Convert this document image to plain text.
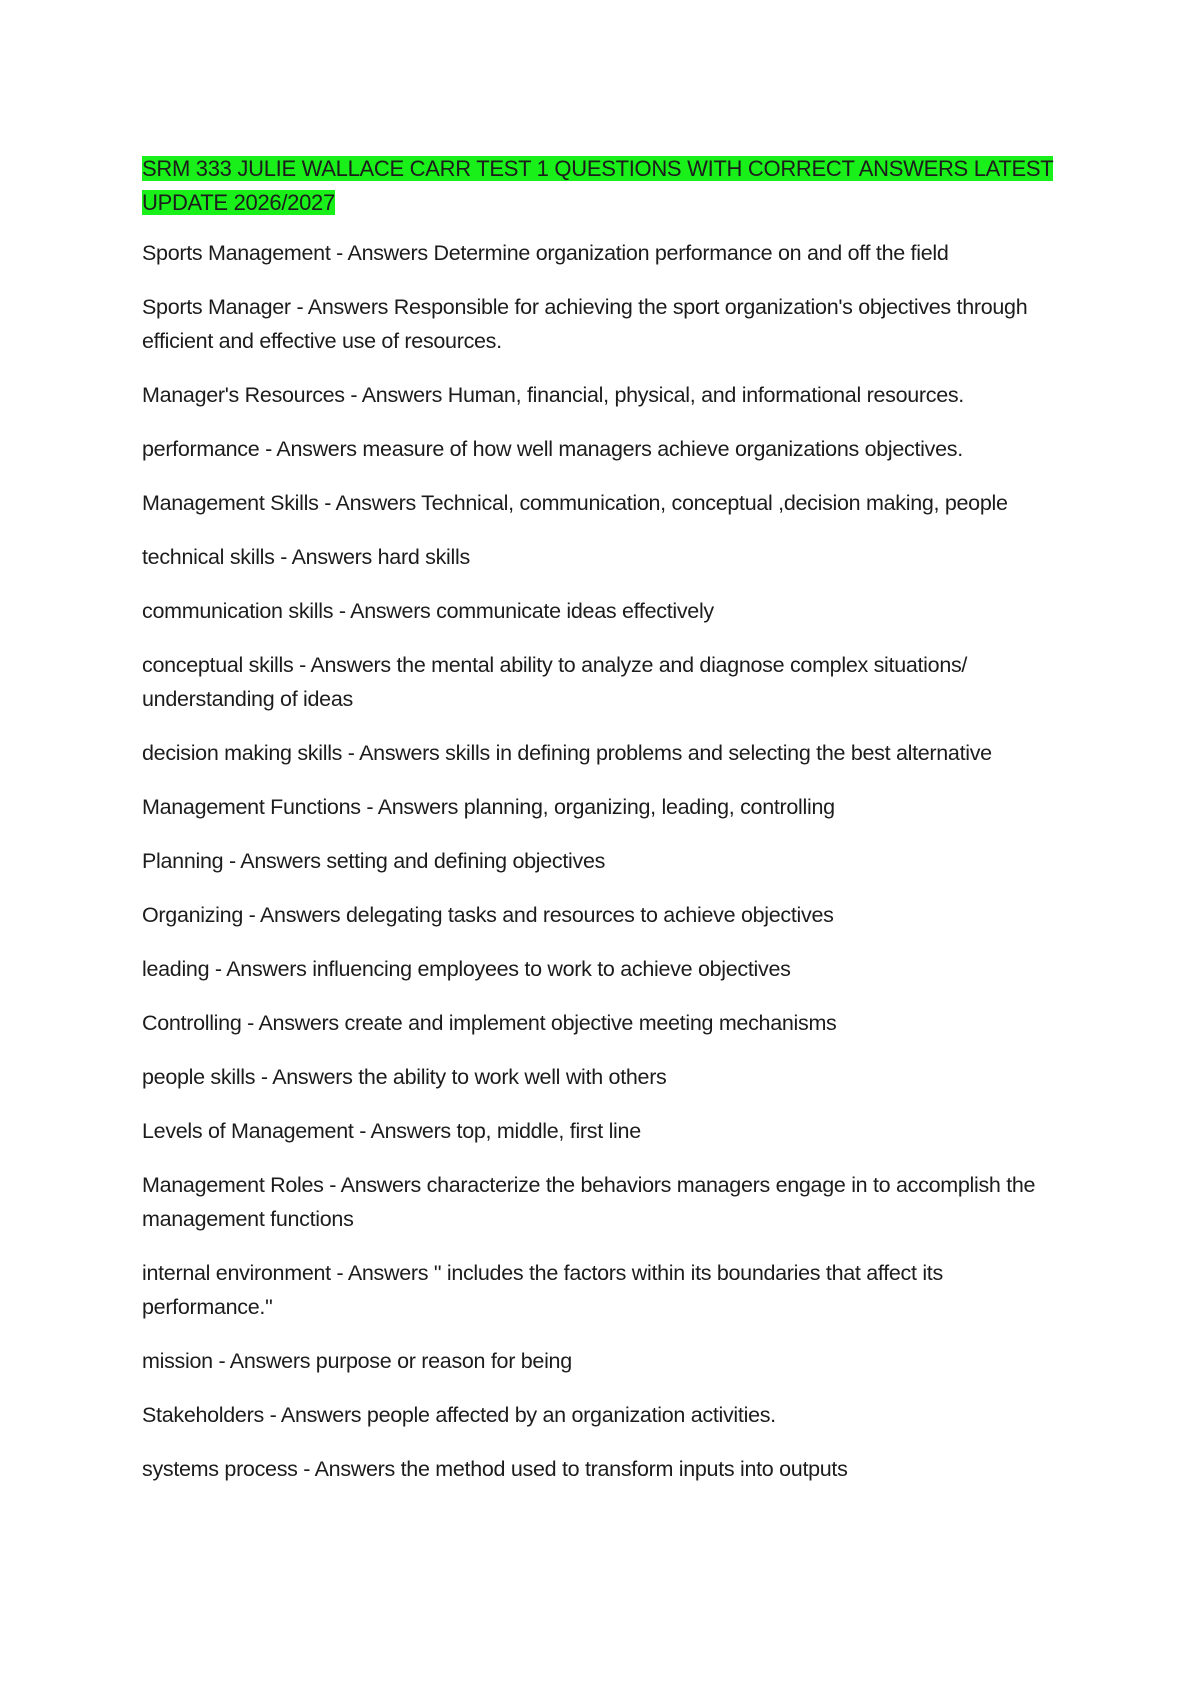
SRM 333 JULIE WALLACE CARR TEST 1 QUESTIONS WITH CORRECT ANSWERS LATEST UPDATE 2026/2027

Sports Management - Answers Determine organization performance on and off the field

Sports Manager - Answers Responsible for achieving the sport organization's objectives through efficient and effective use of resources.

Manager's Resources - Answers Human, financial, physical, and informational resources.

performance - Answers measure of how well managers achieve organizations objectives.

Management Skills - Answers Technical, communication, conceptual ,decision making, people

technical skills - Answers hard skills

communication skills - Answers communicate ideas effectively

conceptual skills - Answers the mental ability to analyze and diagnose complex situations/ understanding of ideas

decision making skills - Answers skills in defining problems and selecting the best alternative

Management Functions - Answers planning, organizing, leading, controlling

Planning - Answers setting and defining objectives

Organizing - Answers delegating tasks and resources to achieve objectives

leading - Answers influencing employees to work to achieve objectives

Controlling - Answers create and implement objective meeting mechanisms

people skills - Answers the ability to work well with others

Levels of Management - Answers top, middle, first line

Management Roles - Answers characterize the behaviors managers engage in to accomplish the management functions

internal environment - Answers " includes the factors within its boundaries that affect its performance."

mission - Answers purpose or reason for being

Stakeholders - Answers people affected by an organization activities.

systems process - Answers the method used to transform inputs into outputs
